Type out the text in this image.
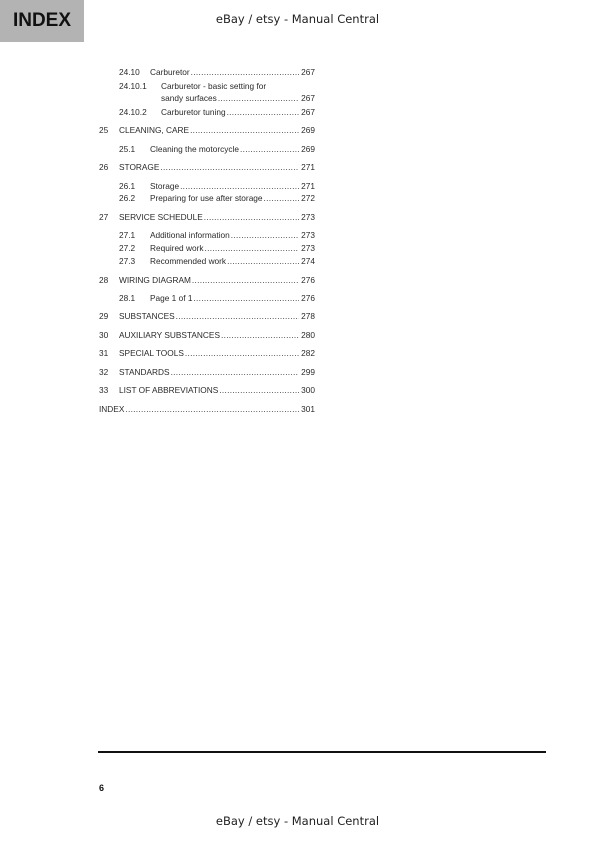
INDEX	eBay / etsy - Manual Central
24.10 Carburetor .....	267
24.10.1 Carburetor - basic setting for
sandy surfaces .....	267
24.10.2 Carburetor tuning .....	267
25 CLEANING, CARE .....	269
25.1 Cleaning the motorcycle .....	269
26 STORAGE .....	271
26.1 Storage .....	271
26.2 Preparing for use after storage .....	272
27 SERVICE SCHEDULE .....	273
27.1 Additional information .....	273
27.2 Required work .....	273
27.3 Recommended work .....	274
28 WIRING DIAGRAM .....	276
28.1 Page 1 of 1 .....	276
29 SUBSTANCES .....	278
30 AUXILIARY SUBSTANCES .....	280
31 SPECIAL TOOLS .....	282
32 STANDARDS .....	299
33 LIST OF ABBREVIATIONS .....	300
INDEX .....	301
6
eBay / etsy - Manual Central
